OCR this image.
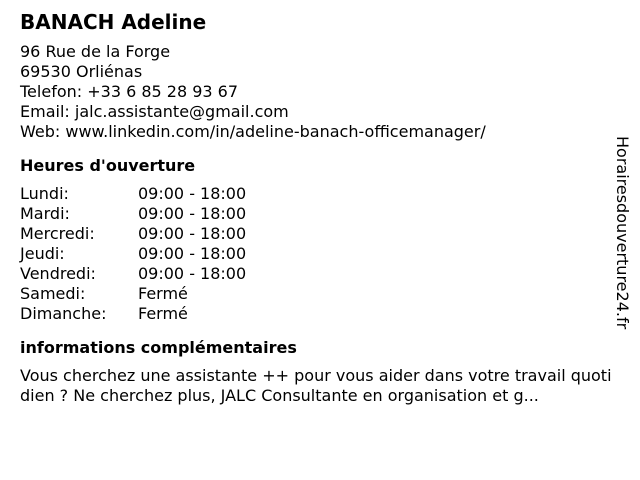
BANACH Adeline
96 Rue de la Forge
69530 Orliénas
Telefon: +33 6 85 28 93 67
Email: jalc.assistante@gmail.com
Web: www.linkedin.com/in/adeline-banach-officemanager/
Heures d'ouverture
Lundi:	09:00 - 18:00
Mardi:	09:00 - 18:00
Mercredi:	09:00 - 18:00
Jeudi:	09:00 - 18:00
Vendredi:	09:00 - 18:00
Samedi:	Fermé
Dimanche:	Fermé
informations complémentaires
Vous cherchez une assistante ++ pour vous aider dans votre travail quotidien ? Ne cherchez plus, JALC Consultante en organisation et g...
Horairesdouverture24.fr
